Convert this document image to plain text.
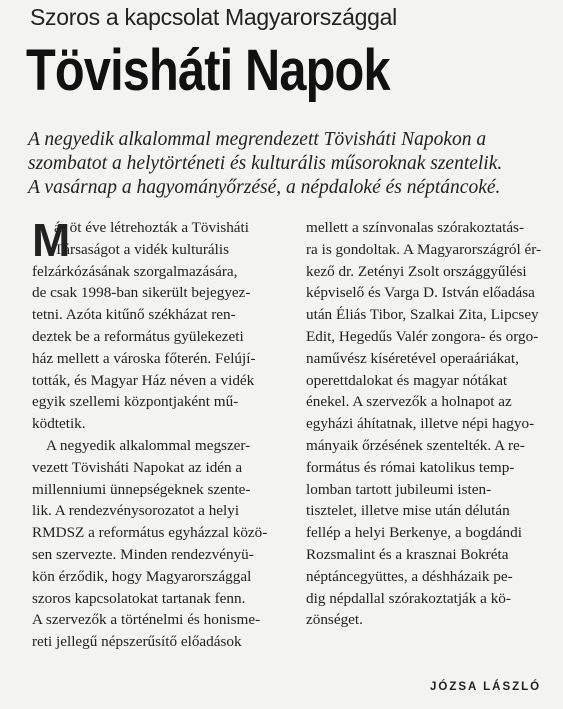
Szoros a kapcsolat Magyarországgal
Tövisháti Napok
A negyedik alkalommal megrendezett Tövisháti Napokon a
szombatot a helytörténeti és kulturális műsoroknak szentelik.
A vasárnap a hagyományőrzésé, a népdaloké és néptáncoké.
M
ár öt éve létrehozták a Tövisháti
Társaságot a vidék kulturális
felzárkózásának szorgalmazására,
de csak 1998-ban sikerült bejegyez-
tetni. Azóta kitűnő székházat ren-
deztek be a református gyülekezeti
ház mellett a városka főterén. Felújí-
tották, és Magyar Ház néven a vidék
egyik szellemi központjaként mű-
ködtetik.
A negyedik alkalommal megszer-
vezett Tövisháti Napokat az idén a
millenniumi ünnepségeknek szente-
lik. A rendezvénysorozatot a helyi
RMDSZ a református egyházzal közö-
sen szervezte. Minden rendezvényü-
kön érződik, hogy Magyarországgal
szoros kapcsolatokat tartanak fenn.
A szervezők a történelmi és honisme-
reti jellegű népszerűsítő előadások
mellett a színvonalas szórakoztatás-
ra is gondoltak. A Magyarországról ér-
kező dr. Zetényi Zsolt országgyűlési
képviselő és Varga D. István előadása
után Éliás Tibor, Szalkai Zita, Lipcsey
Edit, Hegedűs Valér zongora- és orgo-
naművész kíséretével operaáriákat,
operettdalokat és magyar nótákat
énekel. A szervezők a holnapot az
egyházi áhítatnak, illetve népi hagyo-
mányaik őrzésének szentelték. A re-
formátus és római katolikus temp-
lomban tartott jubileumi isten-
tisztelet, illetve mise után délután
fellép a helyi Berkenye, a bogdándi
Rozsmalint és a krasznai Bokréta
néptáncegyüttes, a déshházaik pe-
dig népdallal szórakoztatják a kö-
zönséget.
JÓZSA LÁSZLÓ
